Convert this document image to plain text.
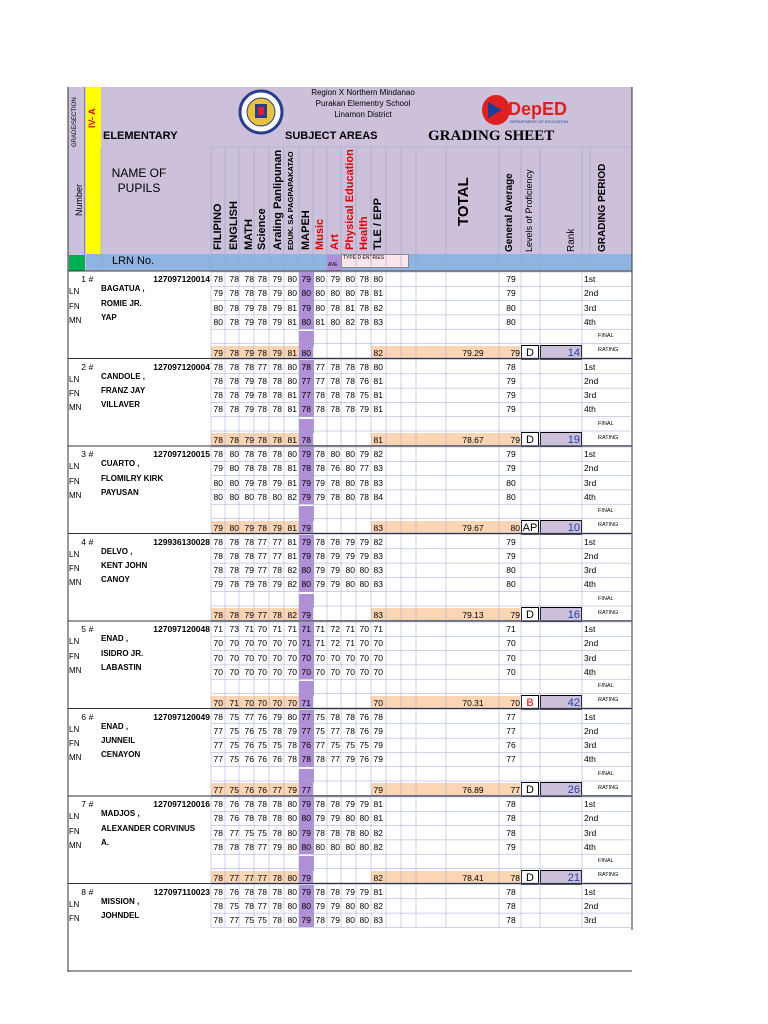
GRADE/SECTION IV- A
Number
ELEMENTARY
NAME OF PUPILS
LRN No.
Region X Northern Mindanao
Purakan Elementry School
Linamon District	DepED
DEPARTMENT OF EDUCATION
SUBJECT AREAS	GRADING SHEET
FILIPINO ENGLISH MATH Science Araling Panlipunan EDUK. SA PAGPAPAKATAO MAPEH Music Art Physical Education Health TLE / EPP	TOTAL	General Average Levels of Proficiency	Rank GRADING PERIOD
AVE
TYPE D ENTRIES
1 #	127097120014
LN	BAGATUA ,
FN	ROMIE JR.
MN YAP
78 78 78 78 79 80 79 80 79 80 78 80	79	1st
79 78 78 78 79 80 80 80 80 80 78 81	79	2nd
80 78 79 78 79 81 79 80 78 81 78 82	80	3rd
80 78 79 78 79 81 80 81 80 82 78 83	80	4th
FINAL
RATING
79 78 79 78 79 81 80	82	79.29	79 D	14
2 #	127097120004
LN	CANDOLE ,
FN	FRANZ JAY
MN VILLAVER
78 78 78 77 78 80 78 77 78 78 78 80	78	1st
78 78 79 78 78 80 77 77 78 78 76 81	79	2nd
78 78 79 78 78 81 77 78 78 78 75 81	79	3rd
78 78 79 78 78 81 78 78 78 78 79 81	79	4th
FINAL
RATING
78 78 79 78 78 81 78	81	78.67	79 D	19
3 #	127097120015
LN	CUARTO ,
FN	FLOMILRY KIRK
MN PAYUSAN
78 80 78 78 78 80 79 78 80 80 79 82	79	1st
79 80 78 78 78 81 78 78 76 80 77 83	79	2nd
80 80 79 78 79 81 79 79 78 80 78 83	80	3rd
80 80 80 78 80 82 79 79 78 80 78 84	80	4th
FINAL
RATING
79 80 79 78 79 81 79	83	79.67	80 AP	10
4 #	129936130028
LN	DELVO ,
FN	KENT JOHN
MN CANOY
78 78 78 77 77 81 79 78 78 79 79 82	79	1st
78 78 78 77 77 81 79 78 79 79 79 83	79	2nd
78 78 79 77 78 82 80 79 79 80 80 83	80	3rd
79 78 79 78 79 82 80 79 79 80 80 83	80	4th
FINAL
RATING
78 78 79 77 78 82 79	83	79.13	79 D	16
5 #	127097120048
LN	ENAD ,
FN	ISIDRO JR.
MN LABASTIN
71 73 71 70 71 71 71 71 72 71 70 71	71	1st
70 70 70 70 70 70 71 71 72 71 70 70	70	2nd
70 70 70 70 70 70 70 70 70 70 70 70	70	3rd
70 70 70 70 70 70 70 70 70 70 70 70	70	4th
FINAL
RATING
70 71 70 70 70 70 71	70	70.31	70 B	42
6 #	127097120049
LN	ENAD ,
FN	JUNNEIL
MN CENAYON
78 75 77 76 79 80 77 75 78 78 76 78	77	1st
77 75 76 75 78 79 77 75 77 78 76 79	77	2nd
77 75 76 75 75 78 76 77 75 75 75 79	76	3rd
77 75 76 76 76 78 78 78 77 79 76 79	77	4th
FINAL
RATING
77 75 76 76 77 79 77	79	76.89	77 D	26
7 #	127097120016
LN	MADJOS ,
FN	ALEXANDER CORVINUS
MN A.
78 76 78 78 78 80 79 78 78 79 79 81	78	1st
78 76 78 78 78 80 80 79 79 80 80 81	78	2nd
78 77 75 75 78 80 79 78 78 78 80 82	78	3rd
78 78 78 77 79 80 80 80 80 80 80 82	79	4th
FINAL
RATING
78 77 77 77 78 80 79	82	78.41	78 D	21
8 #	127097110023
LN	MISSION ,
FN	JOHNDEL
78 76 78 78 78 80 79 78 78 79 79 81	78	1st
78 75 78 77 78 80 80 79 79 80 80 82	78	2nd
78 77 75 75 78 80 79 78 79 80 80 83	78	3rd
